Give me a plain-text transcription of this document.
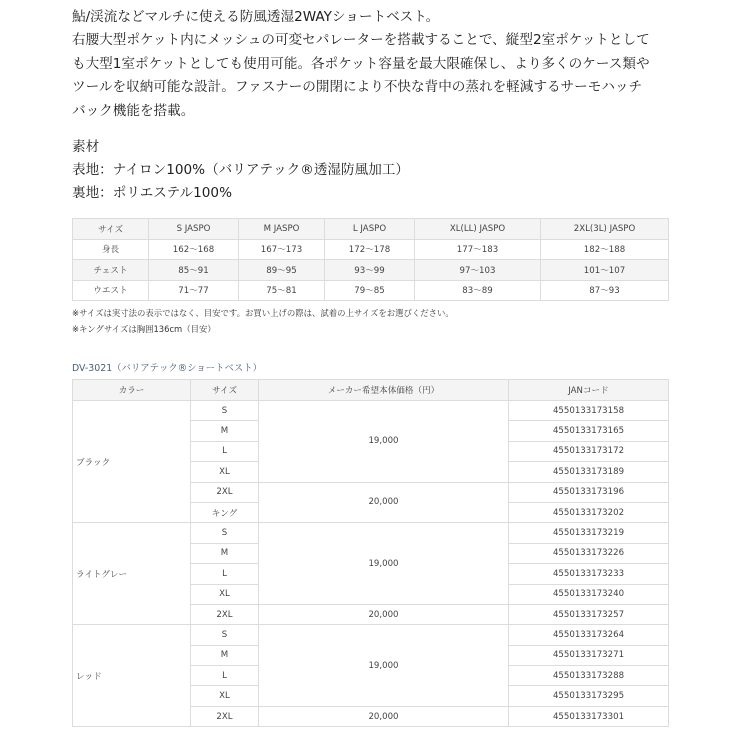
鮎/渓流などマルチに使える防風透湿2WAYショートベスト。

右腰大型ポケット内にメッシュの可変セパレーターを搭載することで、縦型2室ポケットとして

も大型1室ポケットとしても使用可能。各ポケット容量を最大限確保し、より多くのケース類や

ツールを収納可能な設計。ファスナーの開閉により不快な背中の蒸れを軽減するサーモハッチ

バック機能を搭載。

素材

表地：ナイロン100%（バリアテック®透湿防風加工）

裏地：ポリエステル100%

サイズ	S JASPO	M JASPO	L JASPO	XL(LL) JASPO	2XL(3L) JASPO
身長	162〜168	167〜173	172〜178	177〜183	182〜188
チェスト	85〜91	89〜95	93〜99	97〜103	101〜107
ウエスト	71〜77	75〜81	79〜85	83〜89	87〜93

※サイズは実寸法の表示ではなく、目安です。お買い上げの際は、試着の上サイズをお選びください。

※キングサイズは胸囲136cm（目安）

DV-3021（バリアテック®ショートベスト）
カラー	サイズ	メーカー希望本体価格（円）	JANコード
ブラック	S	19,000	4550133173158
	M		4550133173165
	L		4550133173172
	XL		4550133173189
	2XL	20,000	4550133173196
	キング		4550133173202
ライトグレー	S	19,000	4550133173219
	M		4550133173226
	L		4550133173233
	XL		4550133173240
	2XL	20,000	4550133173257
レッド	S	19,000	4550133173264
	M		4550133173271
	L		4550133173288
	XL		4550133173295
	2XL	20,000	4550133173301
